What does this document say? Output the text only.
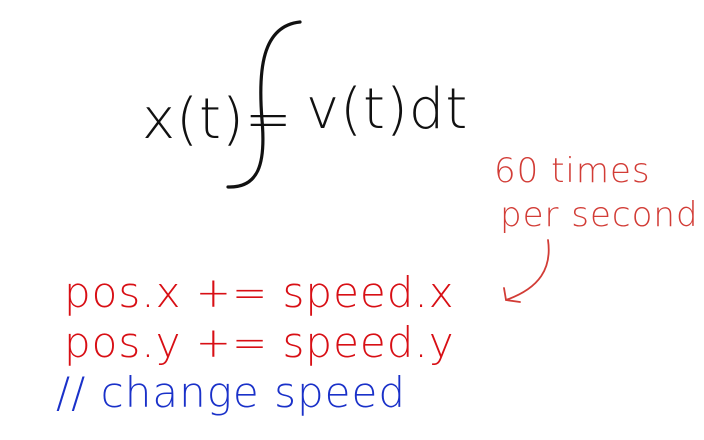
x(t)= v(t)dt
60 times
per second
pos.x += speed.x
pos.y += speed.y
// change speed
